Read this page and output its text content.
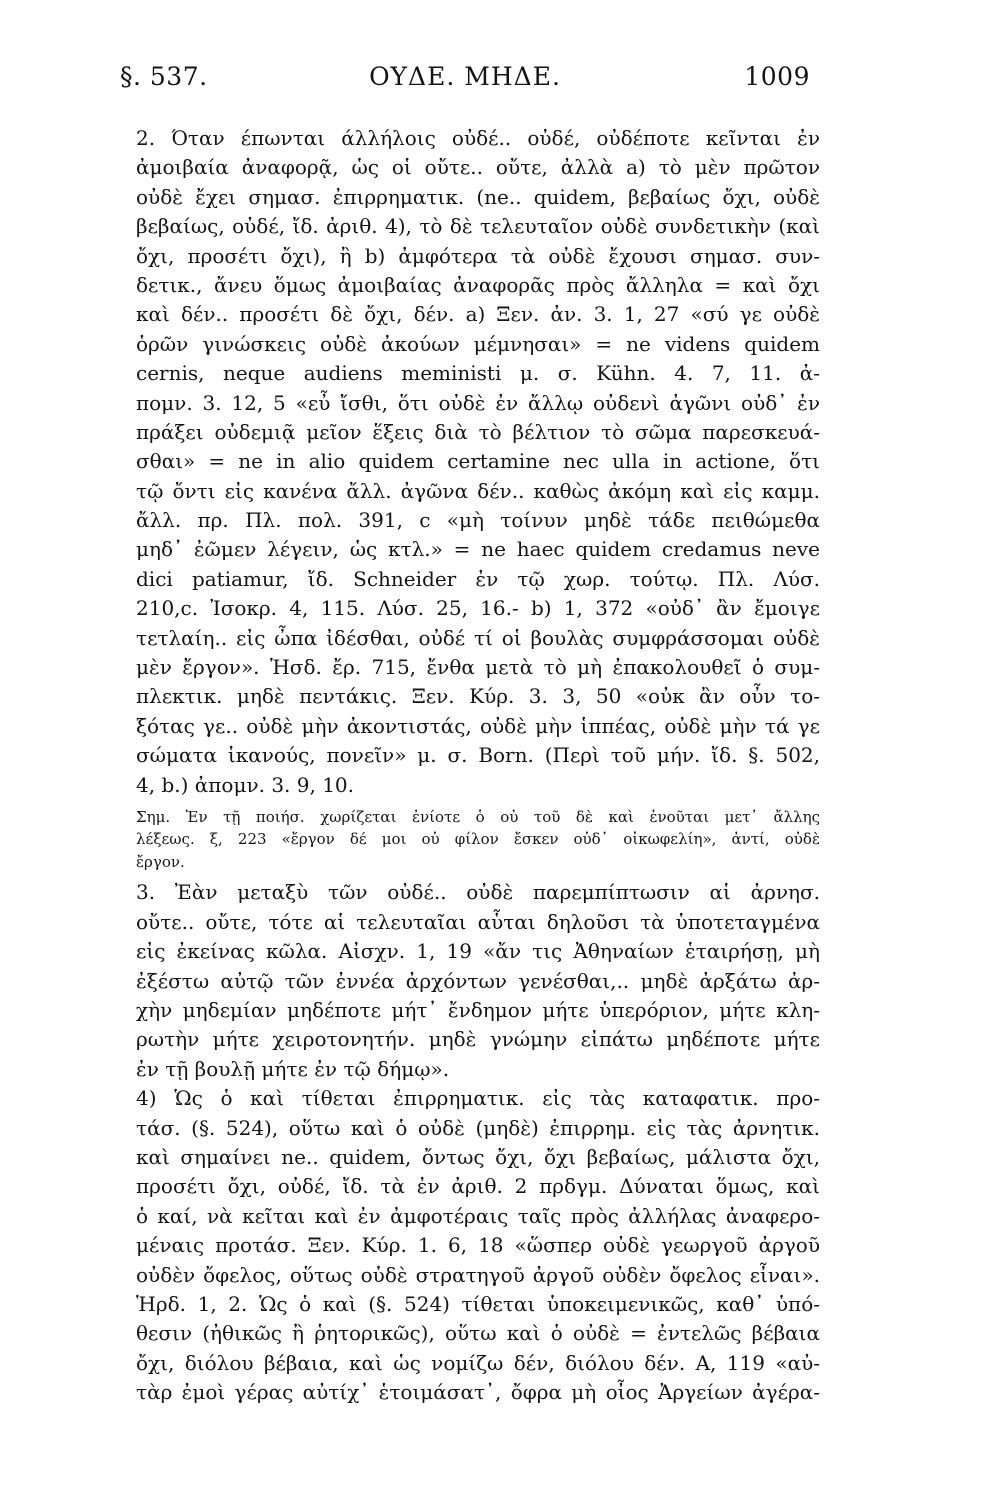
§. 537.	ΟΥΔΕ. ΜΗΔΕ.	1009
2. Όταν έπωνται άλλήλοις οὐδέ.. οὐδέ, οὐδέποτε κεῖνται ἐν
ἀμοιβαία ἀναφορᾷ, ὡς οἱ οὔτε.. οὔτε, ἀλλὰ a) τὸ μὲν πρῶτον
οὐδὲ ἔχει σημασ. ἐπιρρηματικ. (ne.. quidem, βεβαίως ὄχι, οὐδὲ
βεβαίως, οὐδέ, ἴδ. ἀριθ. 4), τὸ δὲ τελευταῖον οὐδὲ συνδετικὴν (καὶ
ὄχι, προσέτι ὄχι), ἢ b) ἀμφότερα τὰ οὐδὲ ἔχουσι σημασ. συν-
δετικ., ἄνευ ὅμως ἀμοιβαίας ἀναφορᾶς πρὸς ἄλληλα = καὶ ὄχι
καὶ δέν.. προσέτι δὲ ὄχι, δέν. a) Ξεν. ἀν. 3. 1, 27 «σύ γε οὐδὲ
ὁρῶν γινώσκεις οὐδὲ ἀκούων μέμνησαι» = ne videns quidem
cernis, neque audiens meministi μ. σ. Kühn. 4. 7, 11. ἀ-
πομν. 3. 12, 5 «εὖ ἴσθι, ὅτι οὐδὲ ἐν ἄλλῳ οὐδενὶ ἀγῶνι οὐδ᾽ ἐν
πράξει οὐδεμιᾷ μεῖον ἕξεις διὰ τὸ βέλτιον τὸ σῶμα παρεσκευά-
σθαι» = ne in alio quidem certamine nec ulla in actione, ὅτι
τῷ ὄντι εἰς κανένα ἄλλ. ἀγῶνα δέν.. καθὼς ἀκόμη καὶ εἰς καμμ.
ἄλλ. πρ. Πλ. πολ. 391, c «μὴ τοίνυν μηδὲ τάδε πειθώμεθα
μηδ᾽ ἐῶμεν λέγειν, ὡς κτλ.» = ne haec quidem credamus neve
dici patiamur, ἴδ. Schneider ἐν τῷ χωρ. τούτῳ. Πλ. Λύσ.
210,c. Ἰσοκρ. 4, 115. Λύσ. 25, 16.- b) 1, 372 «οὐδ᾽ ἂν ἔμοιγε
τετλαίη.. εἰς ὦπα ἰδέσθαι, οὐδέ τί οἱ βουλὰς συμφράσσομαι οὐδὲ
μὲν ἔργον». Ἡσδ. ἔρ. 715, ἔνθα μετὰ τὸ μὴ ἐπακολουθεῖ ὁ συμ-
πλεκτικ. μηδὲ πεντάκις. Ξεν. Κύρ. 3. 3, 50 «οὐκ ἂν οὖν το-
ξότας γε.. οὐδὲ μὴν ἀκοντιστάς, οὐδὲ μὴν ἱππέας, οὐδὲ μὴν τά γε
σώματα ἱκανούς, πονεῖν» μ. σ. Born. (Περὶ τοῦ μήν. ἴδ. §. 502,
4, b.) ἀπομν. 3. 9, 10.
Σημ. Ἐν τῇ ποιήσ. χωρίζεται ἐνίοτε ὁ οὐ τοῦ δὲ καὶ ἑνοῦται μετ᾽ ἄλλης
λέξεως. ξ, 223 «ἔργον δέ μοι οὐ φίλον ἔσκεν οὐδ᾽ οἰκωφελίη», ἀντί, οὐδὲ
ἔργον.
3. Ἐὰν μεταξὺ τῶν οὐδέ.. οὐδὲ παρεμπίπτωσιν αἱ ἀρνησ.
οὔτε.. οὔτε, τότε αἱ τελευταῖαι αὗται δηλοῦσι τὰ ὑποτεταγμένα
εἰς ἐκείνας κῶλα. Αἰσχν. 1, 19 «ἄν τις Ἀθηναίων ἑταιρήσῃ, μὴ
ἐξέστω αὐτῷ τῶν ἐννέα ἀρχόντων γενέσθαι,.. μηδὲ ἀρξάτω ἀρ-
χὴν μηδεμίαν μηδέποτε μήτ᾽ ἔνδημον μήτε ὑπερόριον, μήτε κλη-
ρωτὴν μήτε χειροτονητήν. μηδὲ γνώμην εἰπάτω μηδέποτε μήτε
ἐν τῇ βουλῇ μήτε ἐν τῷ δήμῳ».
4) Ὡς ὁ καὶ τίθεται ἐπιρρηματικ. εἰς τὰς καταφατικ. προ-
τάσ. (§. 524), οὕτω καὶ ὁ οὐδὲ (μηδὲ) ἐπιρρημ. εἰς τὰς ἀρνητικ.
καὶ σημαίνει ne.. quidem, ὄντως ὄχι, ὄχι βεβαίως, μάλιστα ὄχι,
προσέτι ὄχι, οὐδέ, ἴδ. τὰ ἐν ἀριθ. 2 πρδγμ. Δύναται ὅμως, καὶ
ὁ καί, νὰ κεῖται καὶ ἐν ἀμφοτέραις ταῖς πρὸς ἀλλήλας ἀναφερο-
μέναις προτάσ. Ξεν. Κύρ. 1. 6, 18 «ὥσπερ οὐδὲ γεωργοῦ ἀργοῦ
οὐδὲν ὄφελος, οὕτως οὐδὲ στρατηγοῦ ἀργοῦ οὐδὲν ὄφελος εἶναι».
Ἡρδ. 1, 2. Ὡς ὁ καὶ (§. 524) τίθεται ὑποκειμενικῶς, καθ᾽ ὑπό-
θεσιν (ἠθικῶς ἢ ῥητορικῶς), οὕτω καὶ ὁ οὐδὲ = ἐντελῶς βέβαια
ὄχι, διόλου βέβαια, καὶ ὡς νομίζω δέν, διόλου δέν. Α, 119 «αὐ-
τὰρ ἐμοὶ γέρας αὐτίχ᾽ ἑτοιμάσατ᾽, ὄφρα μὴ οἶος Ἀργείων ἀγέρα-
